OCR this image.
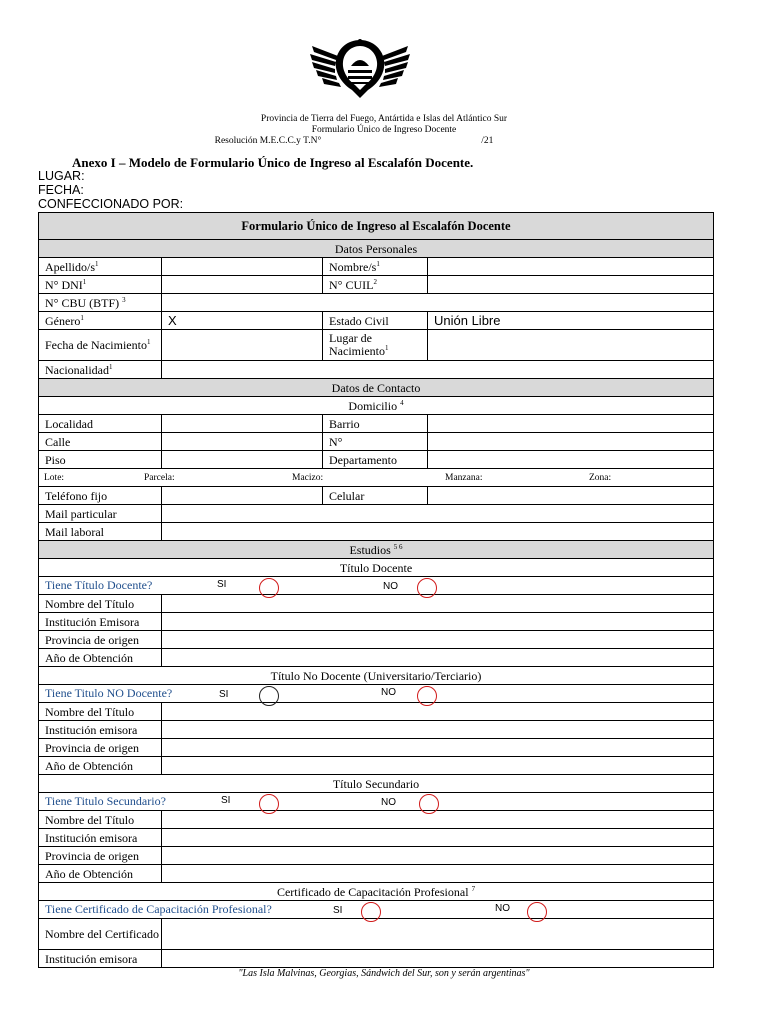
Provincia de Tierra del Fuego, Antártida e Islas del Atlántico Sur
Formulario Único de Ingreso Docente
Resolución M.E.C.C.y T.N°	/21
Anexo I – Modelo de Formulario Único de Ingreso al Escalafón Docente.
LUGAR:
FECHA:
CONFECCIONADO POR:
Formulario Único de Ingreso al Escalafón Docente			
Datos Personales			
Apellido/$s^1$		Nombre/$s^1$	
N° DNI$^1$		N° CUIL$^2$	
N° CBU (BTF) $^3$	
Género$^1$	X	Estado Civil	Unión Libre
Fecha de Nacimiento$^1$		Lugar de Nacimiento$^1$	
Nacionalidad$^1$	
Datos de Contacto			
Domicilio $^4$
Localidad		Barrio	
Calle		N°	
Piso		Departamento	

Lote: Parcela: Macizo: Manzana: Zona:			

Teléfono fijo		Celular	
Mail particular			
Mail laboral			
Estudios $^{5 6}$
Título Docente			

Tiene Título Docente? SI NO			

Nombre del Título			
Institución Emisora			
Provincia de origen			
Año de Obtención			
Título No Docente (Universitario/Terciario)			

Tiene Titulo NO Docente? SI NO			

Nombre del Título			
Institución emisora			
Provincia de origen			
Año de Obtención			
Título Secundario			

Tiene Titulo Secundario? SI NO			

Nombre del Título			
Institución emisora			
Provincia de origen			
Año de Obtención			
Certificado de Capacitación Profesional $^7$

Tiene Certificado de Capacitación Profesional? SI NO			

Nombre del Certificado			
Institución emisora			
"Las Isla Malvinas, Georgias, Sándwich del Sur, son y serán argentinas"
